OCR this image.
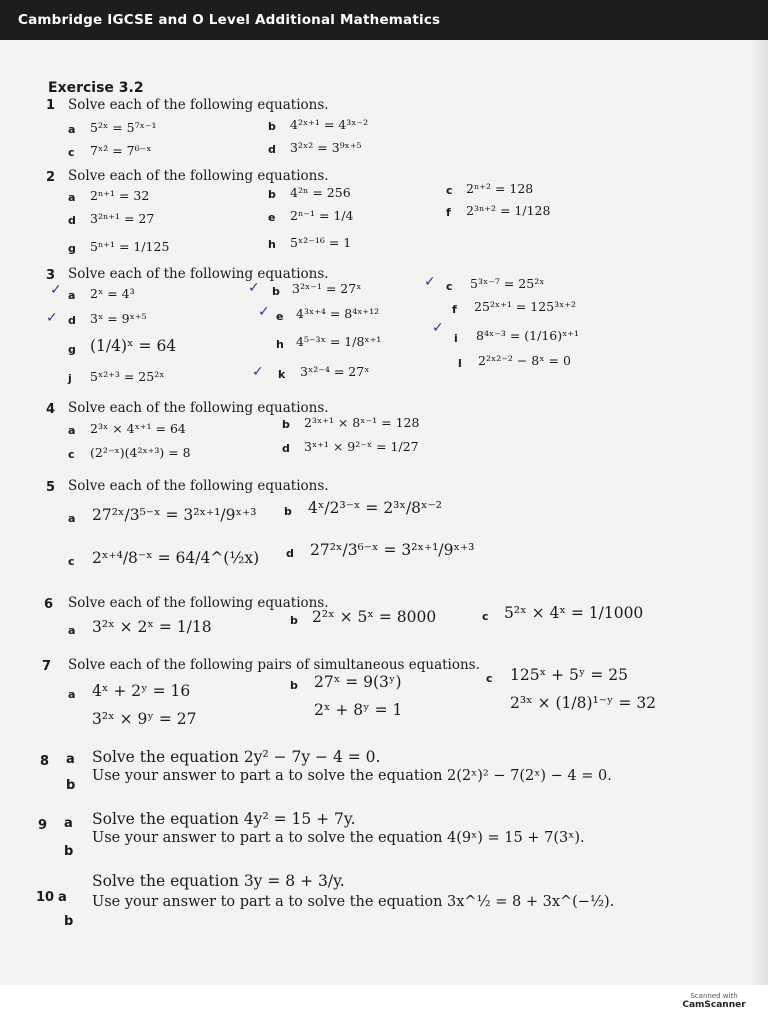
Cambridge IGCSE and O Level Additional Mathematics
Exercise 3.2
1 Solve each of the following equations.
a 5²ˣ = 5⁷ˣ⁻¹	b 4²ˣ⁺¹ = 4³ˣ⁻²
c 7ˣ² = 7⁶⁻ˣ	d 3²ˣ² = 3⁹ˣ⁺⁵
2 Solve each of the following equations.
a 2ⁿ⁺¹ = 32	b 4²ⁿ = 256	c 2ⁿ⁺² = 128
d 3²ⁿ⁺¹ = 27	e 2ⁿ⁻¹ = 1/4	f 2³ⁿ⁺² = 1/128
g 5ⁿ⁺¹ = 1/125	h 5ˣ²⁻¹⁶ = 1
3 Solve each of the following equations.
✓ a 2ˣ = 4³	✓ b 3²ˣ⁻¹ = 27ˣ	✓ c 5³ˣ⁻⁷ = 25²ˣ
✓ d 3ˣ = 9ˣ⁺⁵	✓ e 4³ˣ⁺⁴ = 8⁴ˣ⁺¹²	f 25²ˣ⁺¹ = 125³ˣ⁺²
g (1/4)ˣ = 64	h 4⁵⁻³ˣ = 1/8ˣ⁺¹
✓
i 8⁴ˣ⁻³ = (1/16)ˣ⁺¹
j 5ˣ²⁺³ = 25²ˣ	✓ k 3ˣ²⁻⁴ = 27ˣ
l 2²ˣ²⁻² − 8ˣ = 0
4 Solve each of the following equations.
a 2³ˣ × 4ˣ⁺¹ = 64	b 2³ˣ⁺¹ × 8ˣ⁻¹ = 128
c (2²⁻ˣ)(4²ˣ⁺³) = 8	d 3ˣ⁺¹ × 9²⁻ˣ = 1/27
5 Solve each of the following equations.
a 27²ˣ/3⁵⁻ˣ = 3²ˣ⁺¹/9ˣ⁺³	b 4ˣ/2³⁻ˣ = 2³ˣ/8ˣ⁻²
c 2ˣ⁺⁴/8⁻ˣ = 64/4^(½x) d 27²ˣ/3⁶⁻ˣ = 3²ˣ⁺¹/9ˣ⁺³
6 Solve each of the following equations.
a 3²ˣ × 2ˣ = 1/18	b 2²ˣ × 5ˣ = 8000	c 5²ˣ × 4ˣ = 1/1000
7 Solve each of the following pairs of simultaneous equations.
a 4ˣ + 2ʸ = 16
3²ˣ × 9ʸ = 27
b 27ˣ = 9(3ʸ)
2ˣ + 8ʸ = 1
c 125ˣ + 5ʸ = 25
2³ˣ × (1/8)¹⁻ʸ = 32
8 a Solve the equation 2y² − 7y − 4 = 0.
b
Use your answer to part a to solve the equation 2(2ˣ)² − 7(2ˣ) − 4 = 0.
9 a Solve the equation 4y² = 15 + 7y.
b
Use your answer to part a to solve the equation 4(9ˣ) = 15 + 7(3ˣ).
10 a
Solve the equation 3y = 8 + 3/y.
b
Use your answer to part a to solve the equation 3x^½ = 8 + 3x^(−½).
Scanned with
CamScanner
